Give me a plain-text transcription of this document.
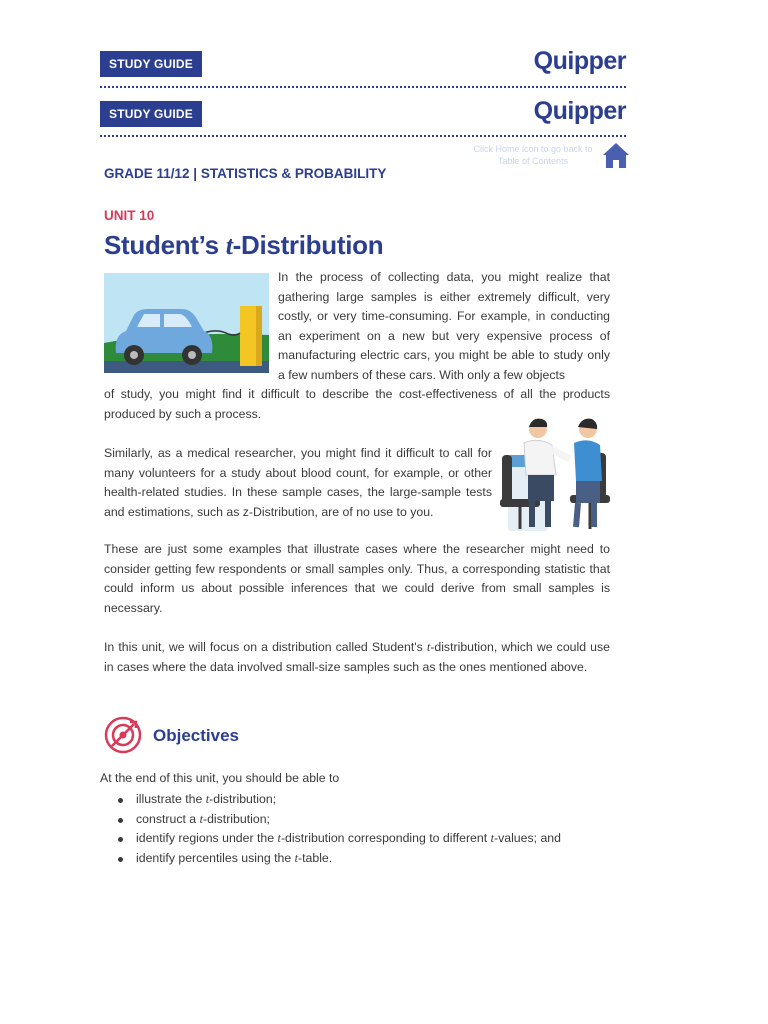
STUDY GUIDE	Quipper
STUDY GUIDE	Quipper
Click Home icon to go back to Table of Contents
GRADE 11/12 | STATISTICS & PROBABILITY
UNIT 10
Student’s t-Distribution
In the process of collecting data, you might realize that gathering large samples is either extremely difficult, very costly, or very time-consuming. For example, in conducting an experiment on a new but very expensive process of manufacturing electric cars, you might be able to study only a few numbers of these cars. With only a few objects
of study, you might find it difficult to describe the cost-effectiveness of all the products produced by such a process.
Similarly, as a medical researcher, you might find it difficult to call for many volunteers for a study about blood count, for example, or other health-related studies. In these sample cases, the large-sample tests and estimations, such as z-Distribution, are of no use to you.
These are just some examples that illustrate cases where the researcher might need to consider getting few respondents or small samples only. Thus, a corresponding statistic that could inform us about possible inferences that we could derive from small samples is necessary.
In this unit, we will focus on a distribution called Student's t-distribution, which we could use in cases where the data involved small-size samples such as the ones mentioned above.
Objectives
At the end of this unit, you should be able to
illustrate the t-distribution;
construct a t-distribution;
identify regions under the t-distribution corresponding to different t-values; and
identify percentiles using the t-table.
